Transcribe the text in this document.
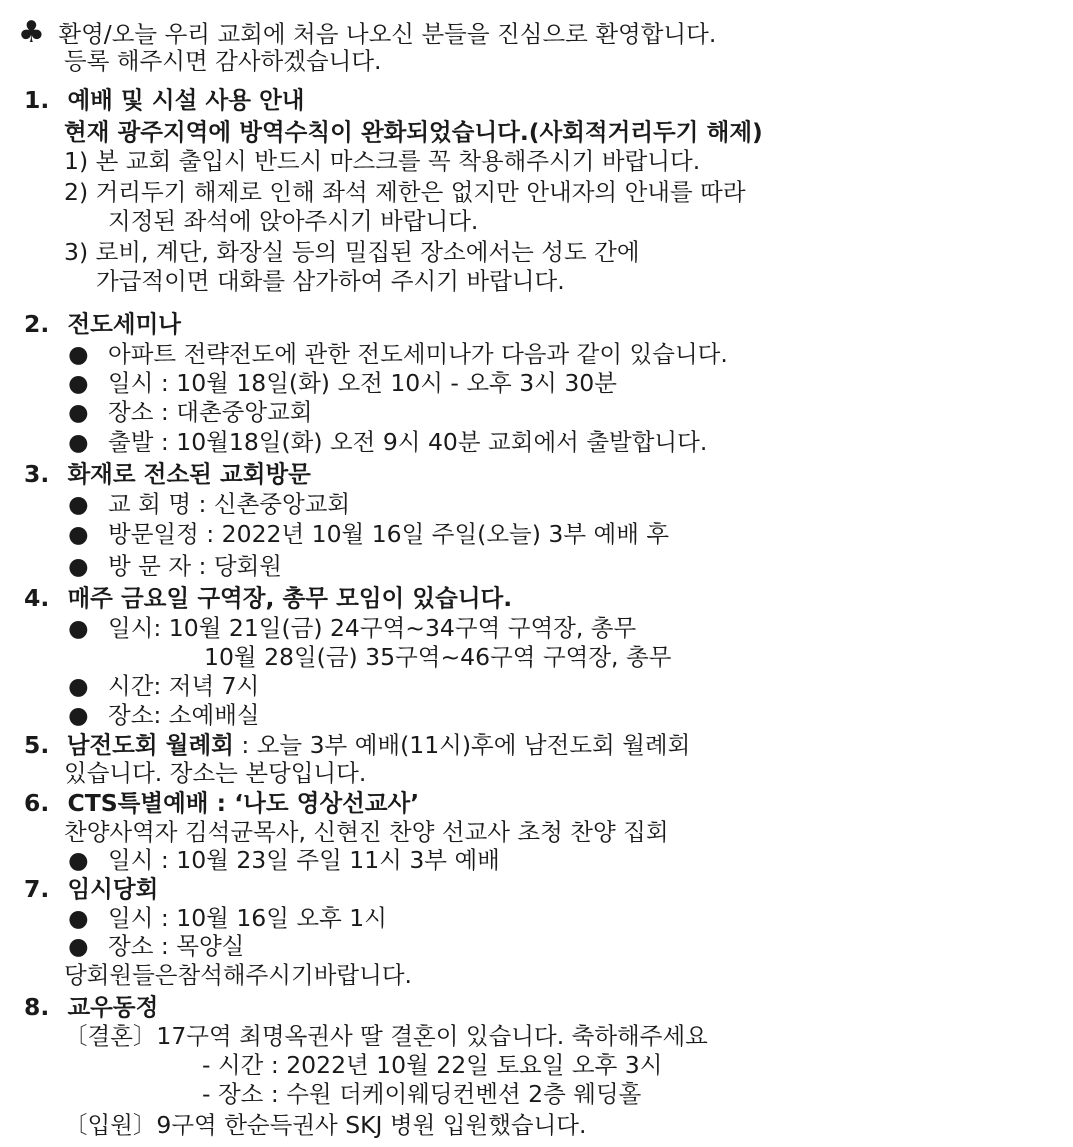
♣ 환영/오늘 우리 교회에 처음 나오신 분들을 진심으로 환영합니다.
등록 해주시면 감사하겠습니다.
1. 예배 및 시설 사용 안내
현재 광주지역에 방역수칙이 완화되었습니다.(사회적거리두기 해제)
1) 본 교회 출입시 반드시 마스크를 꼭 착용해주시기 바랍니다.
2) 거리두기 해제로 인해 좌석 제한은 없지만 안내자의 안내를 따라
지정된 좌석에 앉아주시기 바랍니다.
3) 로비, 계단, 화장실 등의 밀집된 장소에서는 성도 간에
가급적이면 대화를 삼가하여 주시기 바랍니다.
2. 전도세미나
● 아파트 전략전도에 관한 전도세미나가 다음과 같이 있습니다.
● 일시 : 10월 18일(화) 오전 10시 - 오후 3시 30분
● 장소 : 대촌중앙교회
● 출발 : 10월18일(화) 오전 9시 40분 교회에서 출발합니다.
3. 화재로 전소된 교회방문
● 교 회 명 : 신촌중앙교회
● 방문일정 : 2022년 10월 16일 주일(오늘) 3부 예배 후
● 방 문 자 : 당회원
4. 매주 금요일 구역장, 총무 모임이 있습니다.
● 일시: 10월 21일(금) 24구역~34구역 구역장, 총무
10월 28일(금) 35구역~46구역 구역장, 총무
● 시간: 저녁 7시
● 장소: 소예배실
5. 남전도회 월례회 : 오늘 3부 예배(11시)후에 남전도회 월례회
있습니다. 장소는 본당입니다.
6. CTS특별예배 : ‘나도 영상선교사’
찬양사역자 김석균목사, 신현진 찬양 선교사 초청 찬양 집회
● 일시 : 10월 23일 주일 11시 3부 예배
7. 임시당회
● 일시 : 10월 16일 오후 1시
● 장소 : 목양실
당회원들은참석해주시기바랍니다.
8. 교우동정
〔결혼〕17구역 최명옥권사 딸 결혼이 있습니다. 축하해주세요
- 시간 : 2022년 10월 22일 토요일 오후 3시
- 장소 : 수원 더케이웨딩컨벤션 2층 웨딩홀
〔입원〕9구역 한순득권사 SKJ 병원 입원했습니다.
